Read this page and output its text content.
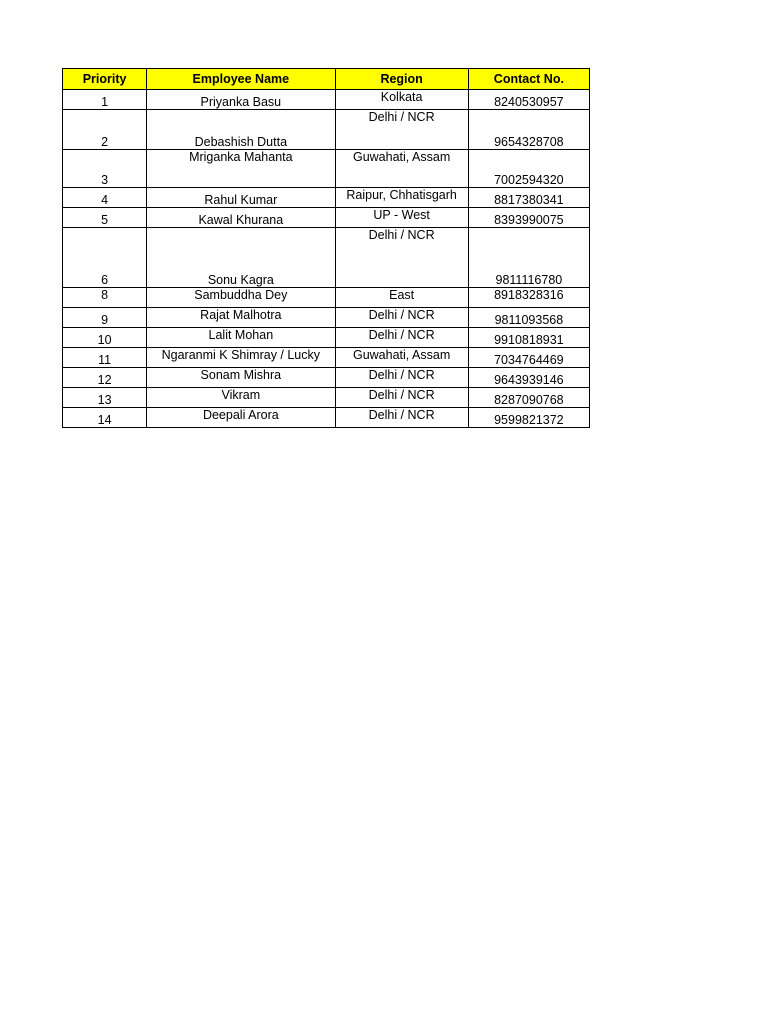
Priority	Employee Name	Region	Contact No.
1	Priyanka Basu	Kolkata	8240530957
2	Debashish Dutta	Delhi / NCR	9654328708
3	Mriganka Mahanta	Guwahati, Assam	7002594320
4	Rahul Kumar	Raipur, Chhatisgarh	8817380341
5	Kawal Khurana	UP - West	8393990075
6	Sonu Kagra	Delhi / NCR	9811116780
8	Sambuddha Dey	East	8918328316
9	Rajat Malhotra	Delhi / NCR	9811093568
10	Lalit Mohan	Delhi / NCR	9910818931
11	Ngaranmi K Shimray / Lucky	Guwahati, Assam	7034764469
12	Sonam Mishra	Delhi / NCR	9643939146
13	Vikram	Delhi / NCR	8287090768
14	Deepali Arora	Delhi / NCR	9599821372
